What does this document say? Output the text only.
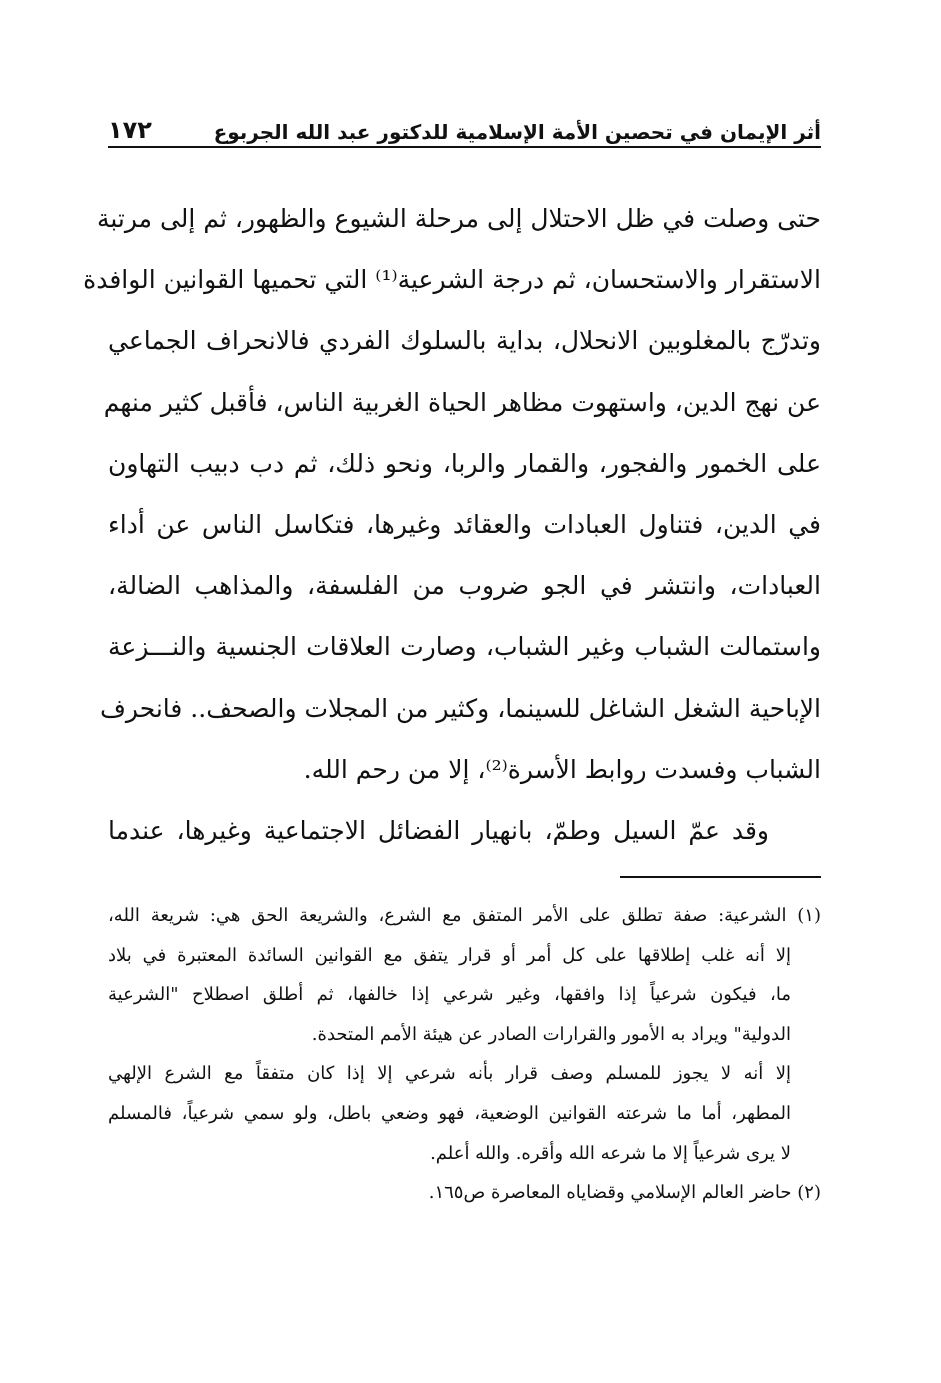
أثر الإيمان في تحصين الأمة الإسلامية للدكتور عبد الله الجربوع
١٧٢
حتى وصلت في ظل الاحتلال إلى مرحلة الشيوع والظهور، ثم إلى مرتبة
الاستقرار والاستحسان، ثم درجة الشرعية⁽¹⁾ التي تحميها القوانين الوافدة
وتدرّج بالمغلوبين الانحلال، بداية بالسلوك الفردي فالانحراف الجماعي
عن نهج الدين، واستهوت مظاهر الحياة الغربية الناس، فأقبل كثير منهم
على الخمور والفجور، والقمار والربا، ونحو ذلك، ثم دب دبيب التهاون
في الدين، فتناول العبادات والعقائد وغيرها، فتكاسل الناس عن أداء
العبادات، وانتشر في الجو ضروب من الفلسفة، والمذاهب الضالة،
واستمالت الشباب وغير الشباب، وصارت العلاقات الجنسية والنـــزعة
الإباحية الشغل الشاغل للسينما، وكثير من المجلات والصحف.. فانحرف
الشباب وفسدت روابط الأسرة⁽²⁾، إلا من رحم الله.
وقد عمّ السيل وطمّ، بانهيار الفضائل الاجتماعية وغيرها، عندما
(١) الشرعية: صفة تطلق على الأمر المتفق مع الشرع، والشريعة الحق هي: شريعة الله،
إلا أنه غلب إطلاقها على كل أمر أو قرار يتفق مع القوانين السائدة المعتبرة في بلاد
ما، فيكون شرعياً إذا وافقها، وغير شرعي إذا خالفها، ثم أطلق اصطلاح "الشرعية
الدولية" ويراد به الأمور والقرارات الصادر عن هيئة الأمم المتحدة.
إلا أنه لا يجوز للمسلم وصف قرار بأنه شرعي إلا إذا كان متفقاً مع الشرع الإلهي
المطهر، أما ما شرعته القوانين الوضعية، فهو وضعي باطل، ولو سمي شرعياً، فالمسلم
لا يرى شرعياً إلا ما شرعه الله وأقره. والله أعلم.
(٢) حاضر العالم الإسلامي وقضاياه المعاصرة ص١٦٥.
